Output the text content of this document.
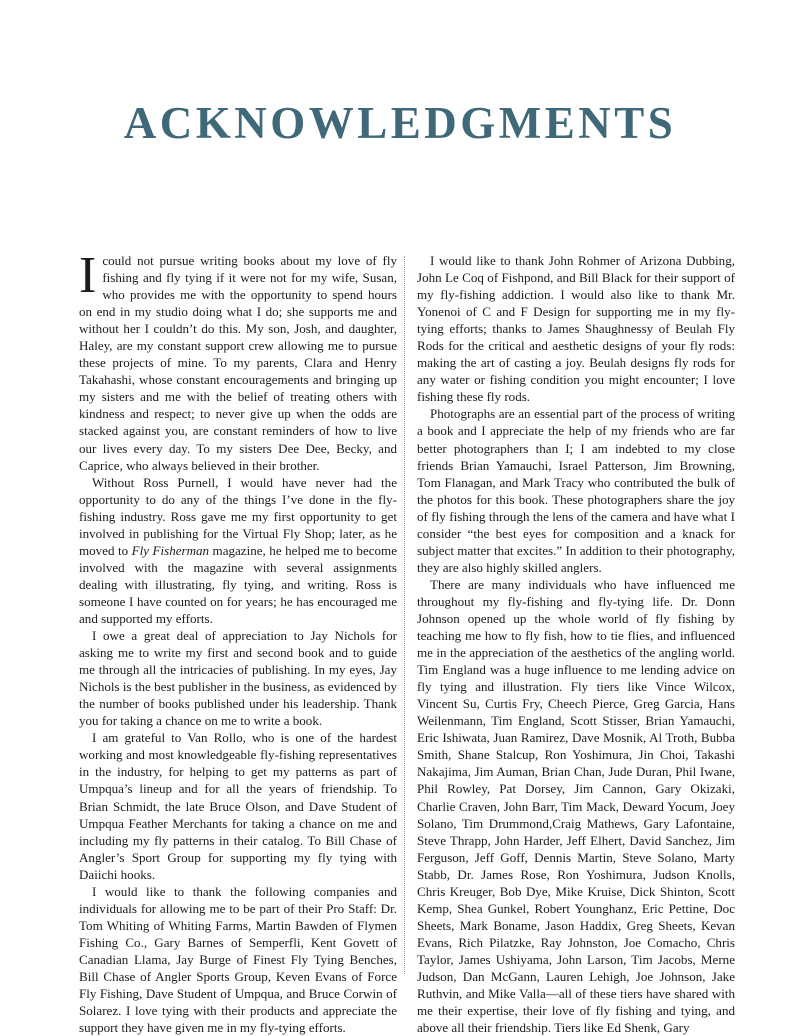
ACKNOWLEDGMENTS

Icould not pursue writing books about my love of fly fishing and fly tying if it were not for my wife, Susan, who provides me with the opportunity to spend hours on end in my studio doing what I do; she supports me and without her I couldn’t do this. My son, Josh, and daughter, Haley, are my constant support crew allowing me to pursue these projects of mine. To my parents, Clara and Henry Takahashi, whose constant encouragements and bringing up my sisters and me with the belief of treating others with kindness and respect; to never give up when the odds are stacked against you, are constant reminders of how to live our lives every day. To my sisters Dee Dee, Becky, and Caprice, who always believed in their brother.

Without Ross Purnell, I would have never had the opportunity to do any of the things I’ve done in the fly-fishing industry. Ross gave me my first opportunity to get involved in publishing for the Virtual Fly Shop; later, as he moved to Fly Fisherman magazine, he helped me to become involved with the magazine with several assignments dealing with illustrating, fly tying, and writing. Ross is someone I have counted on for years; he has encouraged me and supported my efforts.

I owe a great deal of appreciation to Jay Nichols for asking me to write my first and second book and to guide me through all the intricacies of publishing. In my eyes, Jay Nichols is the best publisher in the business, as evidenced by the number of books published under his leadership. Thank you for taking a chance on me to write a book.

I am grateful to Van Rollo, who is one of the hardest working and most knowledgeable fly-fishing representatives in the industry, for helping to get my patterns as part of Umpqua’s lineup and for all the years of friendship. To Brian Schmidt, the late Bruce Olson, and Dave Student of Umpqua Feather Merchants for taking a chance on me and including my fly patterns in their catalog. To Bill Chase of Angler’s Sport Group for supporting my fly tying with Daiichi hooks.

I would like to thank the following companies and individuals for allowing me to be part of their Pro Staff: Dr. Tom Whiting of Whiting Farms, Martin Bawden of Flymen Fishing Co., Gary Barnes of Semperfli, Kent Govett of Canadian Llama, Jay Burge of Finest Fly Tying Benches, Bill Chase of Angler Sports Group, Keven Evans of Force Fly Fishing, Dave Student of Umpqua, and Bruce Corwin of Solarez. I love tying with their products and appreciate the support they have given me in my fly-tying efforts.

I would like to thank John Rohmer of Arizona Dubbing, John Le Coq of Fishpond, and Bill Black for their support of my fly-fishing addiction. I would also like to thank Mr. Yonenoi of C and F Design for supporting me in my fly-tying efforts; thanks to James Shaughnessy of Beulah Fly Rods for the critical and aesthetic designs of your fly rods: making the art of casting a joy. Beulah designs fly rods for any water or fishing condition you might encounter; I love fishing these fly rods.

Photographs are an essential part of the process of writing a book and I appreciate the help of my friends who are far better photographers than I; I am indebted to my close friends Brian Yamauchi, Israel Patterson, Jim Browning, Tom Flanagan, and Mark Tracy who contributed the bulk of the photos for this book. These photographers share the joy of fly fishing through the lens of the camera and have what I consider “the best eyes for composition and a knack for subject matter that excites.” In addition to their photography, they are also highly skilled anglers.

There are many individuals who have influenced me throughout my fly-fishing and fly-tying life. Dr. Donn Johnson opened up the whole world of fly fishing by teaching me how to fly fish, how to tie flies, and influenced me in the appreciation of the aesthetics of the angling world. Tim England was a huge influence to me lending advice on fly tying and illustration. Fly tiers like Vince Wilcox, Vincent Su, Curtis Fry, Cheech Pierce, Greg Garcia, Hans Weilenmann, Tim England, Scott Stisser, Brian Yamauchi, Eric Ishiwata, Juan Ramirez, Dave Mosnik, Al Troth, Bubba Smith, Shane Stalcup, Ron Yoshimura, Jin Choi, Takashi Nakajima, Jim Auman, Brian Chan, Jude Duran, Phil Iwane, Phil Rowley, Pat Dorsey, Jim Cannon, Gary Okizaki, Charlie Craven, John Barr, Tim Mack, Deward Yocum, Joey Solano, Tim Drummond,Craig Mathews, Gary Lafontaine, Steve Thrapp, John Harder, Jeff Elhert, David Sanchez, Jim Ferguson, Jeff Goff, Dennis Martin, Steve Solano, Marty Stabb, Dr. James Rose, Ron Yoshimura, Judson Knolls, Chris Kreuger, Bob Dye, Mike Kruise, Dick Shinton, Scott Kemp, Shea Gunkel, Robert Younghanz, Eric Pettine, Doc Sheets, Mark Boname, Jason Haddix, Greg Sheets, Kevan Evans, Rich Pilatzke, Ray Johnston, Joe Comacho, Chris Taylor, James Ushiyama, John Larson, Tim Jacobs, Merne Judson, Dan McGann, Lauren Lehigh, Joe Johnson, Jake Ruthvin, and Mike Valla—all of these tiers have shared with me their expertise, their love of fly fishing and tying, and above all their friendship. Tiers like Ed Shenk, Gary
